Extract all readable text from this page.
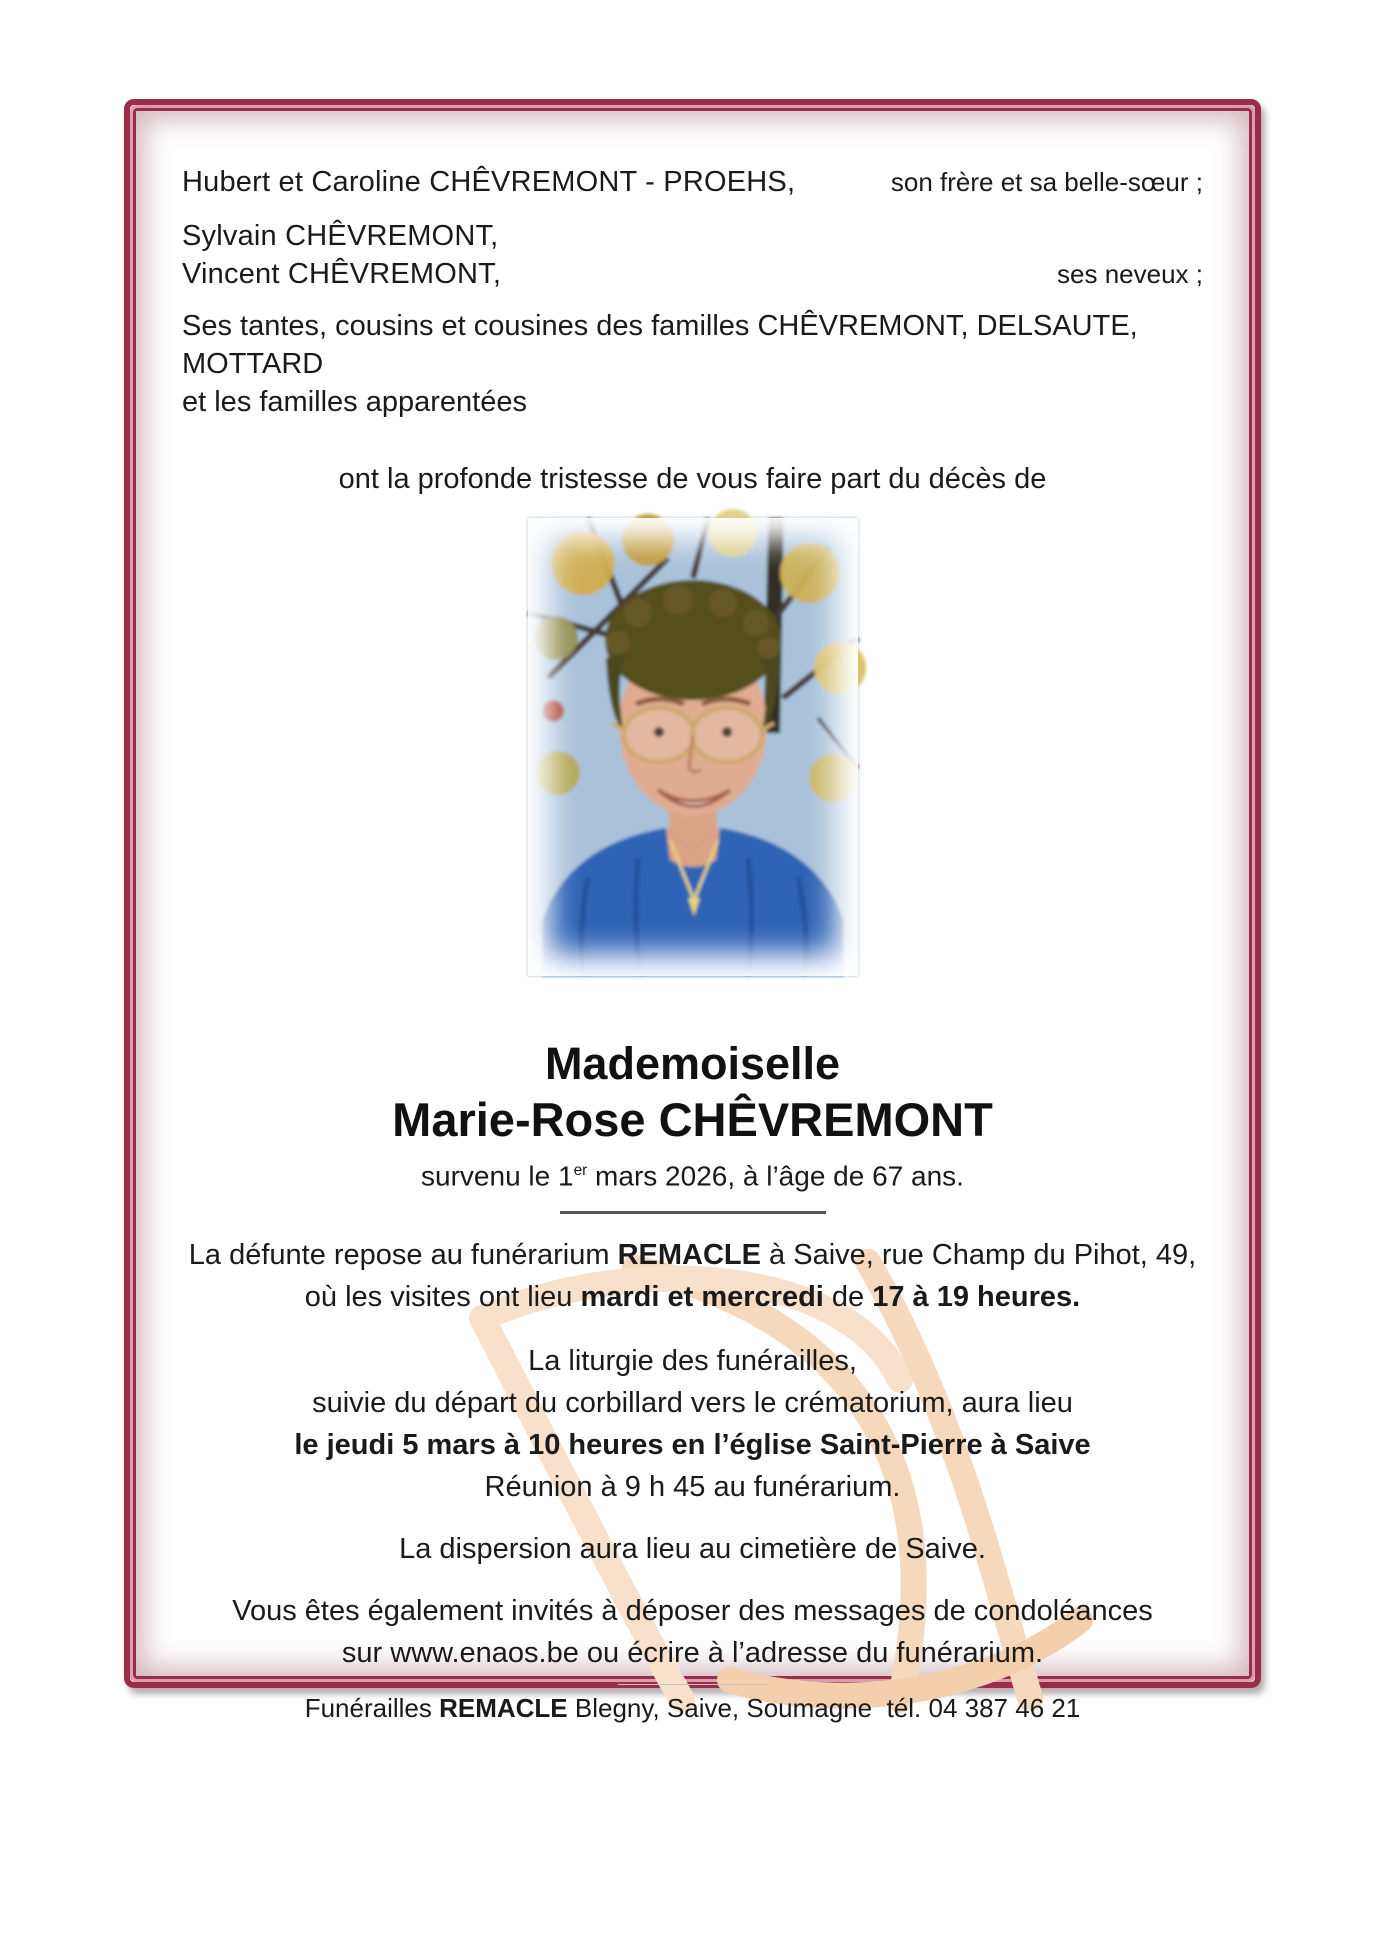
Hubert et Caroline CHÊVREMONT - PROEHS,	son frère et sa belle-sœur ;
Sylvain CHÊVREMONT,
Vincent CHÊVREMONT,	ses neveux ;
Ses tantes, cousins et cousines des familles CHÊVREMONT, DELSAUTE, MOTTARD
et les familles apparentées
ont la profonde tristesse de vous faire part du décès de
Mademoiselle
Marie-Rose CHÊVREMONT
survenu le 1er mars 2026, à l’âge de 67 ans.
La défunte repose au funérarium REMACLE à Saive, rue Champ du Pihot, 49,
où les visites ont lieu mardi et mercredi de 17 à 19 heures.
La liturgie des funérailles,
suivie du départ du corbillard vers le crématorium, aura lieu
le jeudi 5 mars à 10 heures en l’église Saint-Pierre à Saive
Réunion à 9 h 45 au funérarium.
La dispersion aura lieu au cimetière de Saive.
Vous êtes également invités à déposer des messages de condoléances
sur www.enaos.be ou écrire à l’adresse du funérarium.
Funérailles REMACLE Blegny, Saive, Soumagne  tél. 04 387 46 21
